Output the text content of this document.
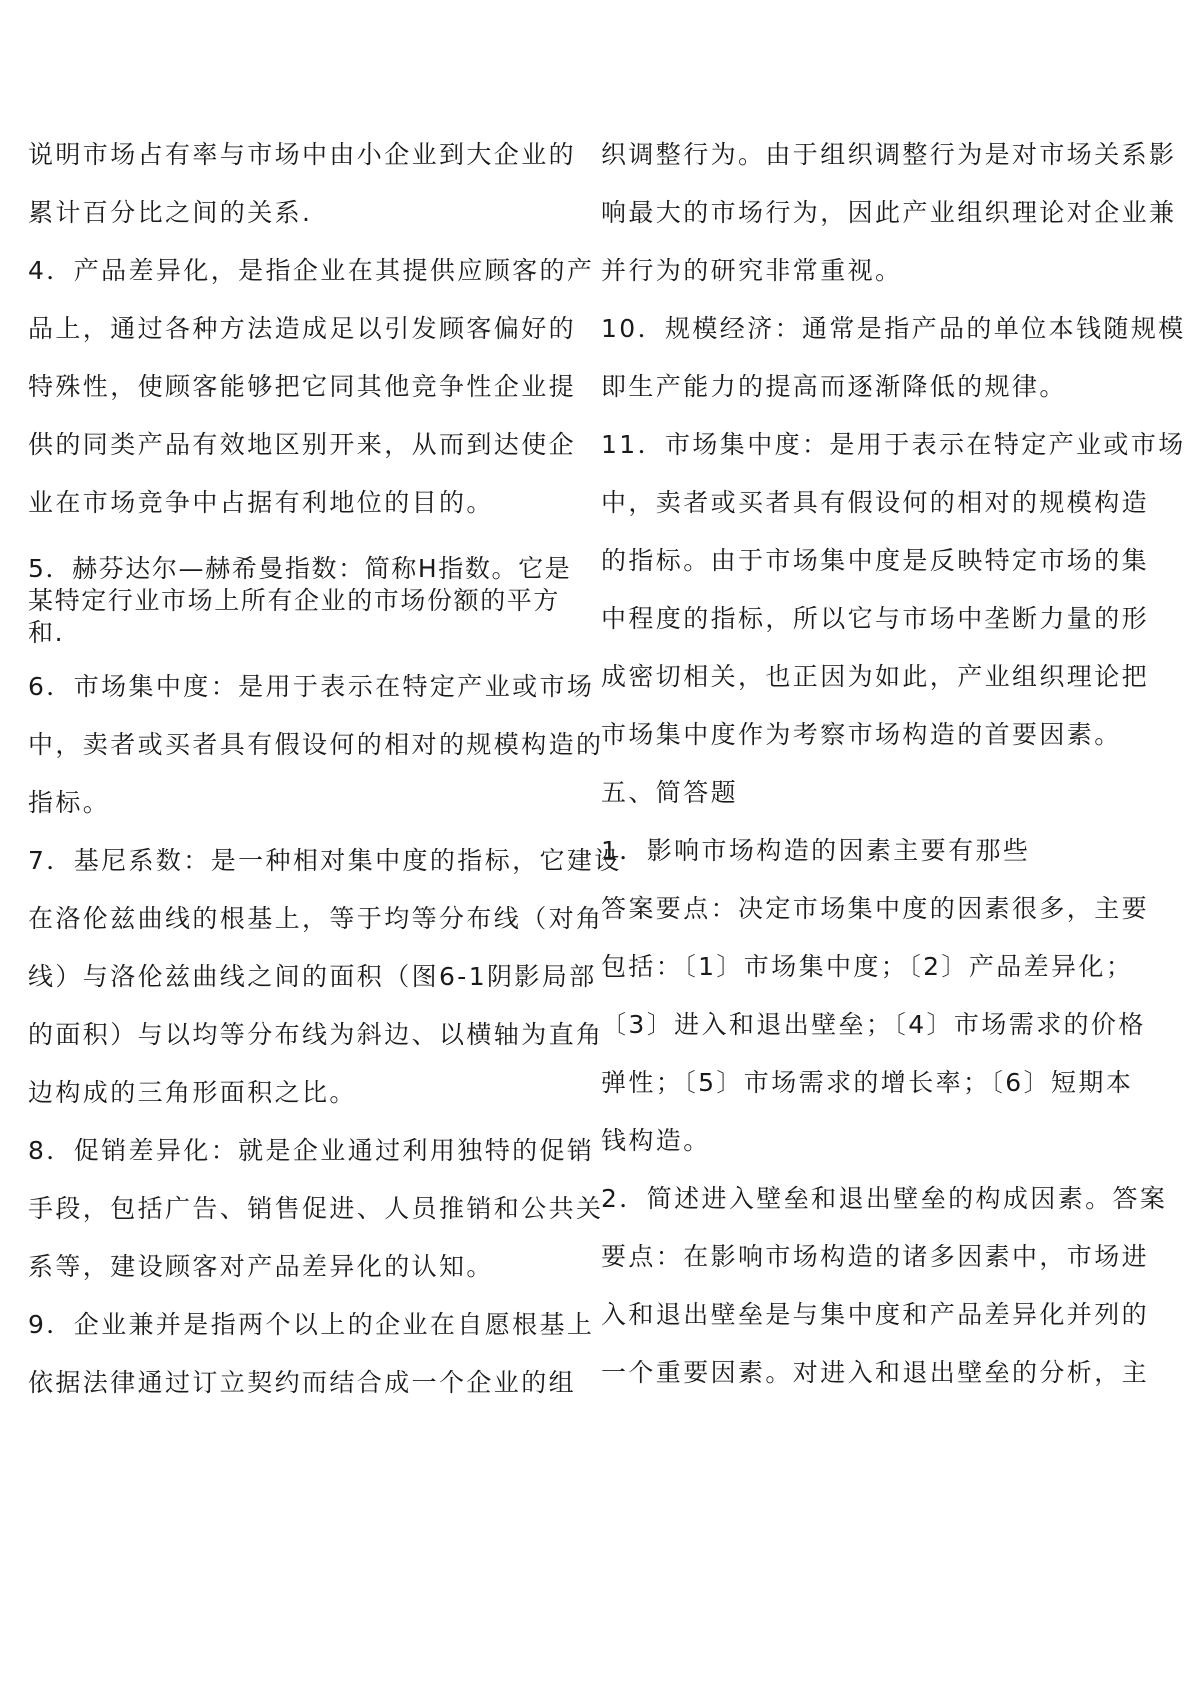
说明市场占有率与市场中由小企业到大企业的
累计百分比之间的关系.
4．产品差异化，是指企业在其提供应顾客的产
品上，通过各种方法造成足以引发顾客偏好的
特殊性，使顾客能够把它同其他竞争性企业提
供的同类产品有效地区别开来，从而到达使企
业在市场竞争中占据有利地位的目的。
5．赫芬达尔—赫希曼指数：简称H指数。它是
某特定行业市场上所有企业的市场份额的平方
和.
6．市场集中度：是用于表示在特定产业或市场
中，卖者或买者具有假设何的相对的规模构造的
指标。
7．基尼系数：是一种相对集中度的指标，它建设
在洛伦兹曲线的根基上，等于均等分布线（对角
线）与洛伦兹曲线之间的面积（图6-1阴影局部
的面积）与以均等分布线为斜边、以横轴为直角
边构成的三角形面积之比。
8．促销差异化：就是企业通过利用独特的促销
手段，包括广告、销售促进、人员推销和公共关
系等，建设顾客对产品差异化的认知。
9．企业兼并是指两个以上的企业在自愿根基上
依据法律通过订立契约而结合成一个企业的组
织调整行为。由于组织调整行为是对市场关系影
响最大的市场行为，因此产业组织理论对企业兼
并行为的研究非常重视。
10．规模经济：通常是指产品的单位本钱随规模
即生产能力的提高而逐渐降低的规律。
11．市场集中度：是用于表示在特定产业或市场
中，卖者或买者具有假设何的相对的规模构造
的指标。由于市场集中度是反映特定市场的集
中程度的指标，所以它与市场中垄断力量的形
成密切相关，也正因为如此，产业组织理论把
市场集中度作为考察市场构造的首要因素。
五、简答题
1．影响市场构造的因素主要有那些
答案要点：决定市场集中度的因素很多，主要
包括：〔1〕市场集中度；〔2〕产品差异化；
〔3〕进入和退出壁垒；〔4〕市场需求的价格
弹性；〔5〕市场需求的增长率；〔6〕短期本
钱构造。
2．简述进入壁垒和退出壁垒的构成因素。答案
要点：在影响市场构造的诸多因素中，市场进
入和退出壁垒是与集中度和产品差异化并列的
一个重要因素。对进入和退出壁垒的分析，主
